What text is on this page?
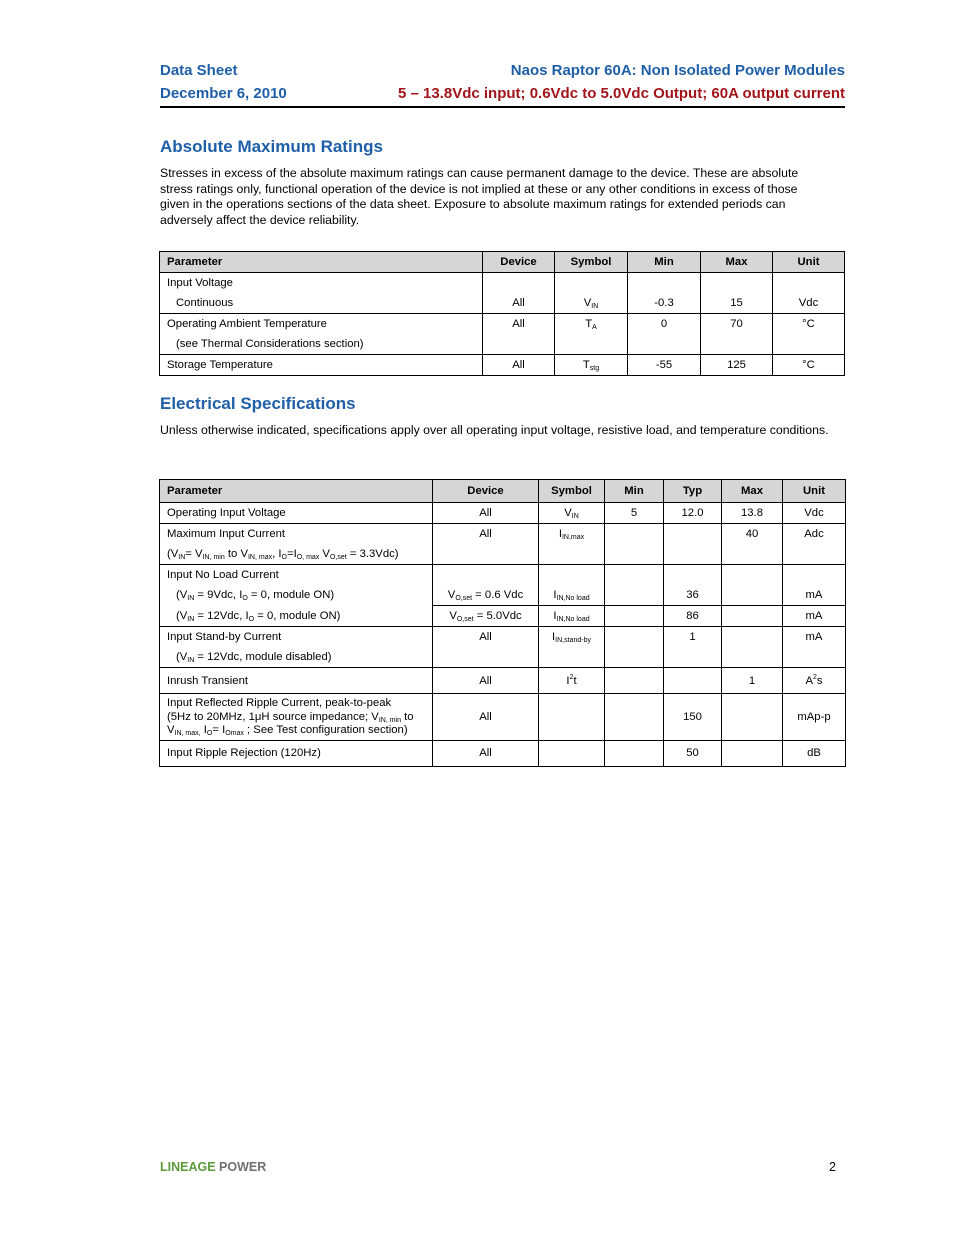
Data Sheet	Naos Raptor 60A: Non Isolated Power Modules
December 6, 2010	5 – 13.8Vdc input; 0.6Vdc to 5.0Vdc Output; 60A output current
Absolute Maximum Ratings

Stresses in excess of the absolute maximum ratings can cause permanent damage to the device. These are absolute stress ratings only, functional operation of the device is not implied at these or any other conditions in excess of those given in the operations sections of the data sheet. Exposure to absolute maximum ratings for extended periods can adversely affect the device reliability.

Parameter	Device	Symbol	Min	Max	Unit

Input Voltage
Continuous	All	$V_{IN}$	-0.3	15	Vdc

Operating Ambient Temperature
(see Thermal Considerations section)	All	$T_A$	0	70	°C

Storage Temperature	All	$T_{stg}$	-55	125	°C
Electrical Specifications

Unless otherwise indicated, specifications apply over all operating input voltage, resistive load, and temperature conditions.

Parameter	Device	Symbol	Min	Typ	Max	Unit

Operating Input Voltage	All	$V_{IN}$	5	12.0	13.8	Vdc

Maximum Input Current
($V_{IN}= V_{IN, min}$ to $V_{IN, max}$, $I_O=I_{O, max}$ $V_{O,set} = 3.3Vdc$)	All	$I_{IN,max}$			40	Adc

Input No Load Current
($V_{IN} = 9Vdc$, $I_O = 0$, module ON)	$V_{O,set} = 0.6$ Vdc	$I_{IN,No load}$		36		mA

($V_{IN} = 12Vdc$, $I_O = 0$, module ON)	$V_{O,set} = 5.0Vdc$	$I_{IN,No load}$		86		mA

Input Stand-by Current
($V_{IN} = 12Vdc$, module disabled)	All	$I_{IN,stand-by}$		1		mA

Inrush Transient	All	$I^2t$			1	$A^2s$

Input Reflected Ripple Current, peak-to-peak
(5Hz to 20MHz, 1μH source impedance; $V_{IN, min}$ to
$V_{IN, max,}$ $I_O= I_{Omax}$ ; See Test configuration section)	All			150		mAp-p
Input Ripple Rejection (120Hz)	All			50		dB
LINEAGE POWER	2
